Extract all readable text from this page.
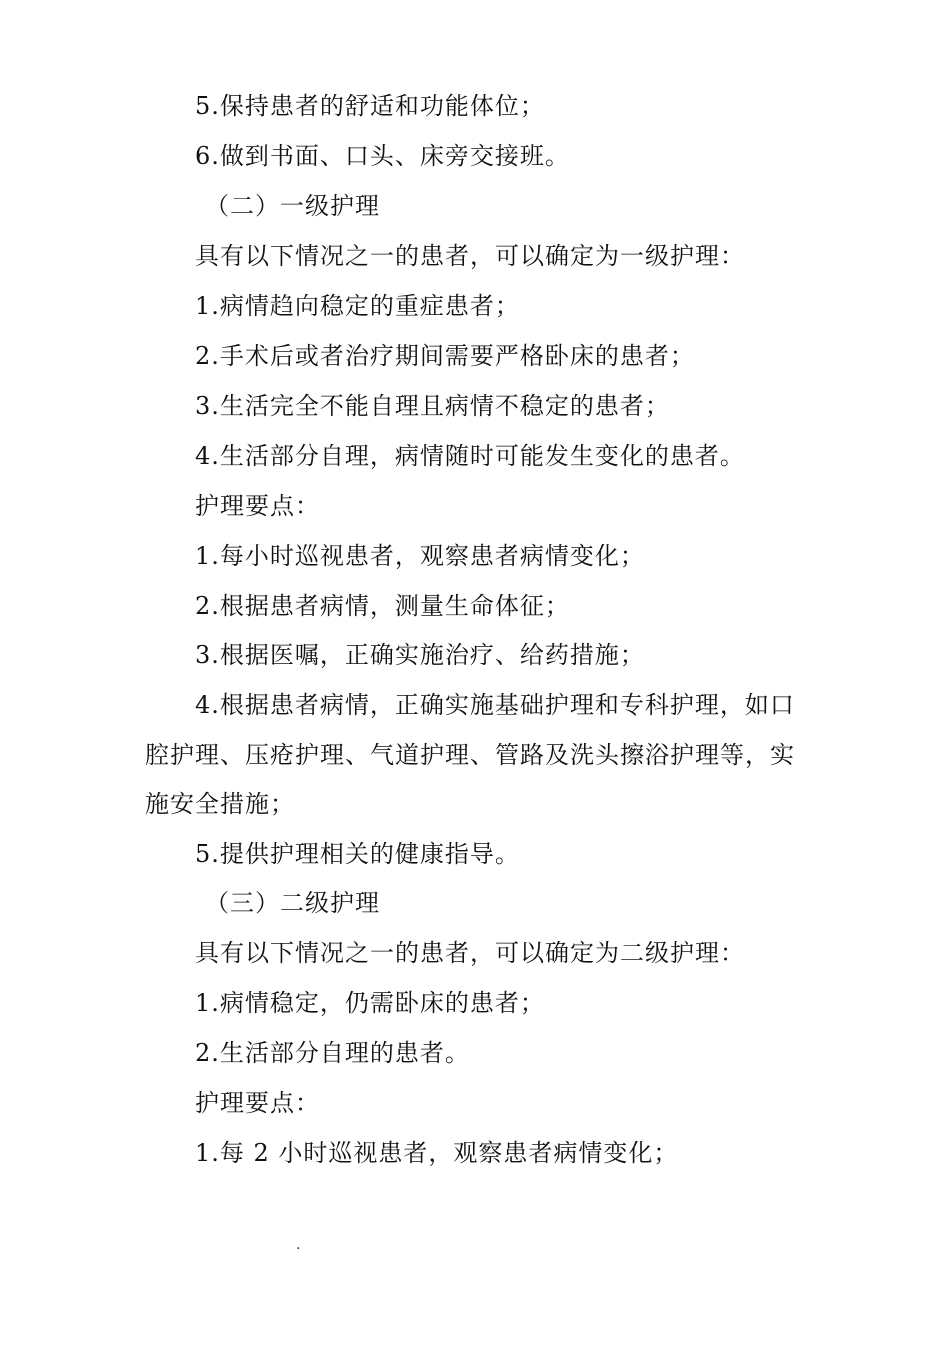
5.保持患者的舒适和功能体位；
6.做到书面、口头、床旁交接班。
（二）一级护理
具有以下情况之一的患者，可以确定为一级护理：
1.病情趋向稳定的重症患者；
2.手术后或者治疗期间需要严格卧床的患者；
3.生活完全不能自理且病情不稳定的患者；
4.生活部分自理，病情随时可能发生变化的患者。
护理要点：
1.每小时巡视患者，观察患者病情变化；
2.根据患者病情，测量生命体征；
3.根据医嘱，正确实施治疗、给药措施；
4.根据患者病情，正确实施基础护理和专科护理，如口
腔护理、压疮护理、气道护理、管路及洗头擦浴护理等，实
施安全措施；
5.提供护理相关的健康指导。
（三）二级护理
具有以下情况之一的患者，可以确定为二级护理：
1.病情稳定，仍需卧床的患者；
2.生活部分自理的患者。
护理要点：
1.每 2 小时巡视患者，观察患者病情变化；
.
